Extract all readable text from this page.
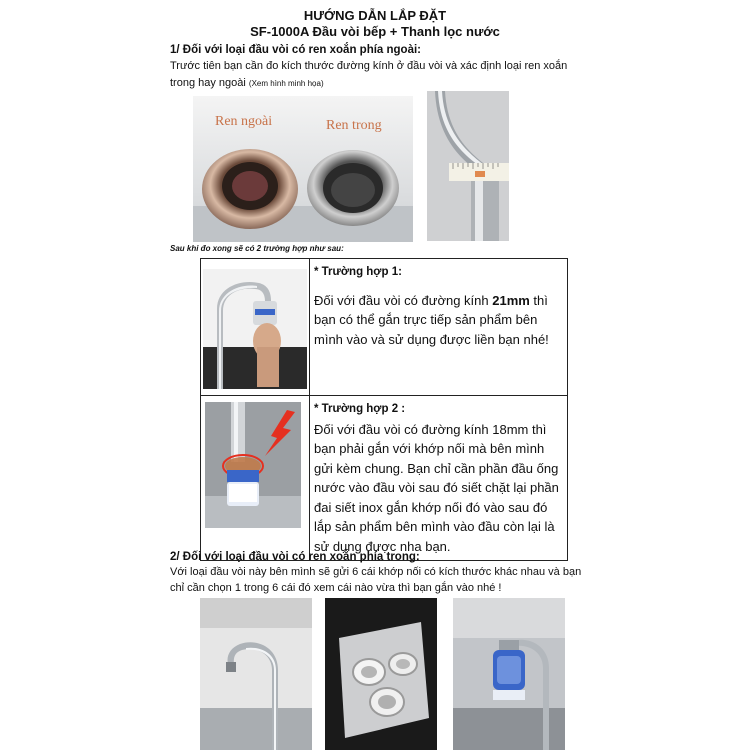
HƯỚNG DẪN LẮP ĐẶT
SF-1000A Đầu vòi bếp + Thanh lọc nước
1/ Đối với loại đầu vòi có ren xoắn phía ngoài:
Trước tiên bạn cần đo kích thước đường kính ở đầu vòi và xác định loại ren xoắn
trong hay ngoài (Xem hình minh họa)
Ren ngoài	Ren trong
Sau khi đo xong sẽ có 2 trường hợp như sau:

* Trường hợp 1:
Đối với đầu vòi có đường kính 21mm thì bạn có thể gắn trực tiếp sản phẩm bên mình vào và sử dụng được liền bạn nhé!

* Trường hợp 2 :
Đối với đầu vòi có đường kính 18mm thì bạn phải gắn với khớp nối mà bên mình gửi kèm chung. Bạn chỉ cần phần đầu ống nước vào đầu vòi sau đó siết chặt lại phần đai siết inox gắn khớp nối đó vào sau đó lắp sản phẩm bên mình vào đầu còn lại là sử dụng được nha bạn.
2/ Đối với loại đầu vòi có ren xoắn phía trong:
Với loại đầu vòi này bên mình sẽ gửi 6 cái khớp nối có kích thước khác nhau và bạn
chỉ cần chọn 1 trong 6 cái đó xem cái nào vừa thì bạn gắn vào nhé !
